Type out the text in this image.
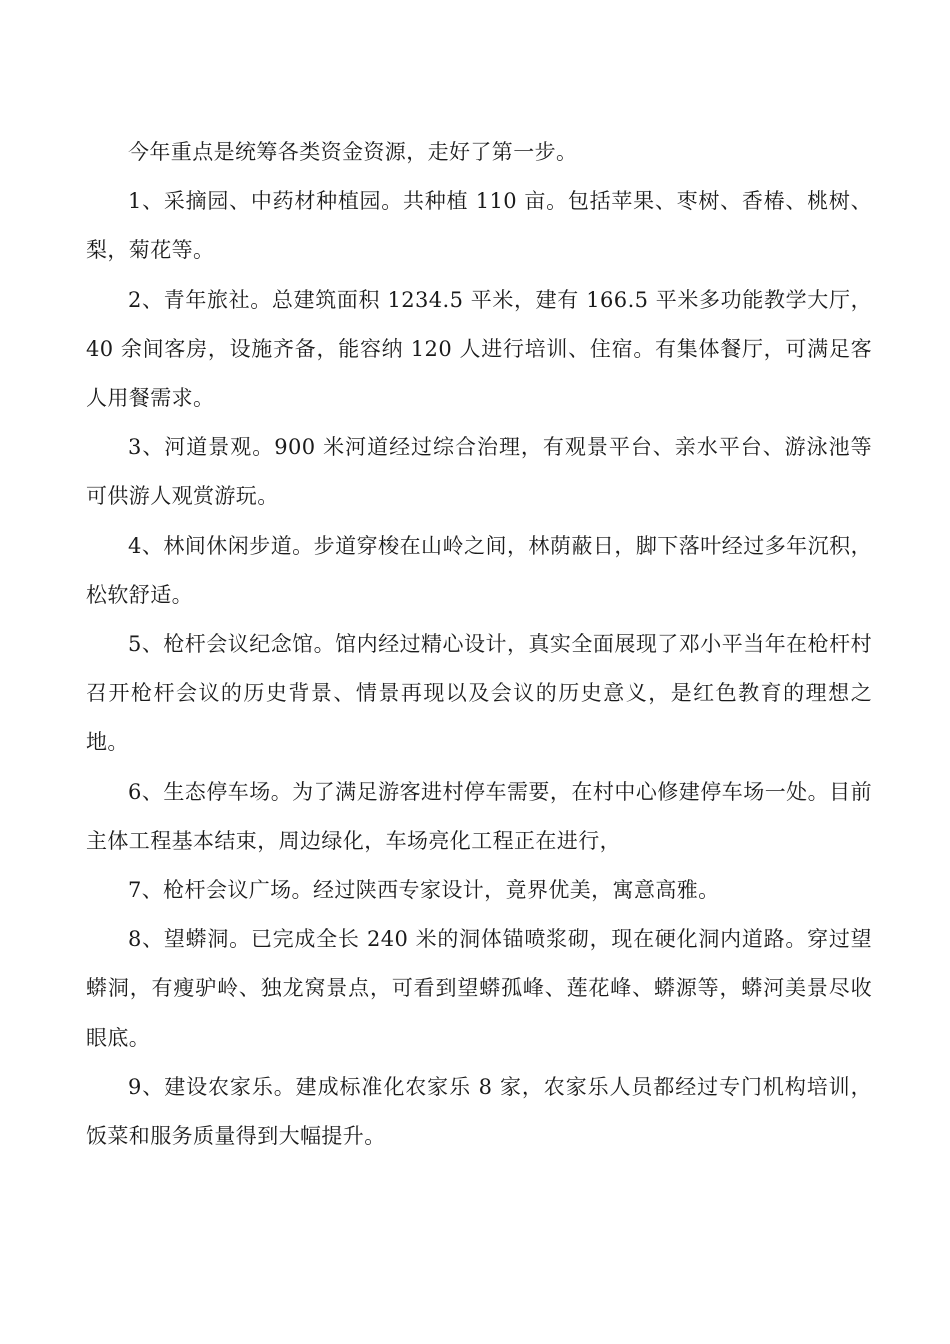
今年重点是统筹各类资金资源，走好了第一步。

1、采摘园、中药材种植园。共种植 110 亩。包括苹果、枣树、香椿、桃树、梨，菊花等。

2、青年旅社。总建筑面积 1234.5 平米，建有 166.5 平米多功能教学大厅，40 余间客房，设施齐备，能容纳 120 人进行培训、住宿。有集体餐厅，可满足客人用餐需求。

3、河道景观。900 米河道经过综合治理，有观景平台、亲水平台、游泳池等可供游人观赏游玩。

4、林间休闲步道。步道穿梭在山岭之间，林荫蔽日，脚下落叶经过多年沉积，松软舒适。

5、枪杆会议纪念馆。馆内经过精心设计，真实全面展现了邓小平当年在枪杆村召开枪杆会议的历史背景、情景再现以及会议的历史意义，是红色教育的理想之地。

6、生态停车场。为了满足游客进村停车需要，在村中心修建停车场一处。目前主体工程基本结束，周边绿化，车场亮化工程正在进行，

7、枪杆会议广场。经过陕西专家设计，竟界优美，寓意高雅。

8、望蟒洞。已完成全长 240 米的洞体锚喷浆砌，现在硬化洞内道路。穿过望蟒洞，有瘦驴岭、独龙窝景点，可看到望蟒孤峰、莲花峰、蟒源等，蟒河美景尽收眼底。

9、建设农家乐。建成标准化农家乐 8 家，农家乐人员都经过专门机构培训，饭菜和服务质量得到大幅提升。
